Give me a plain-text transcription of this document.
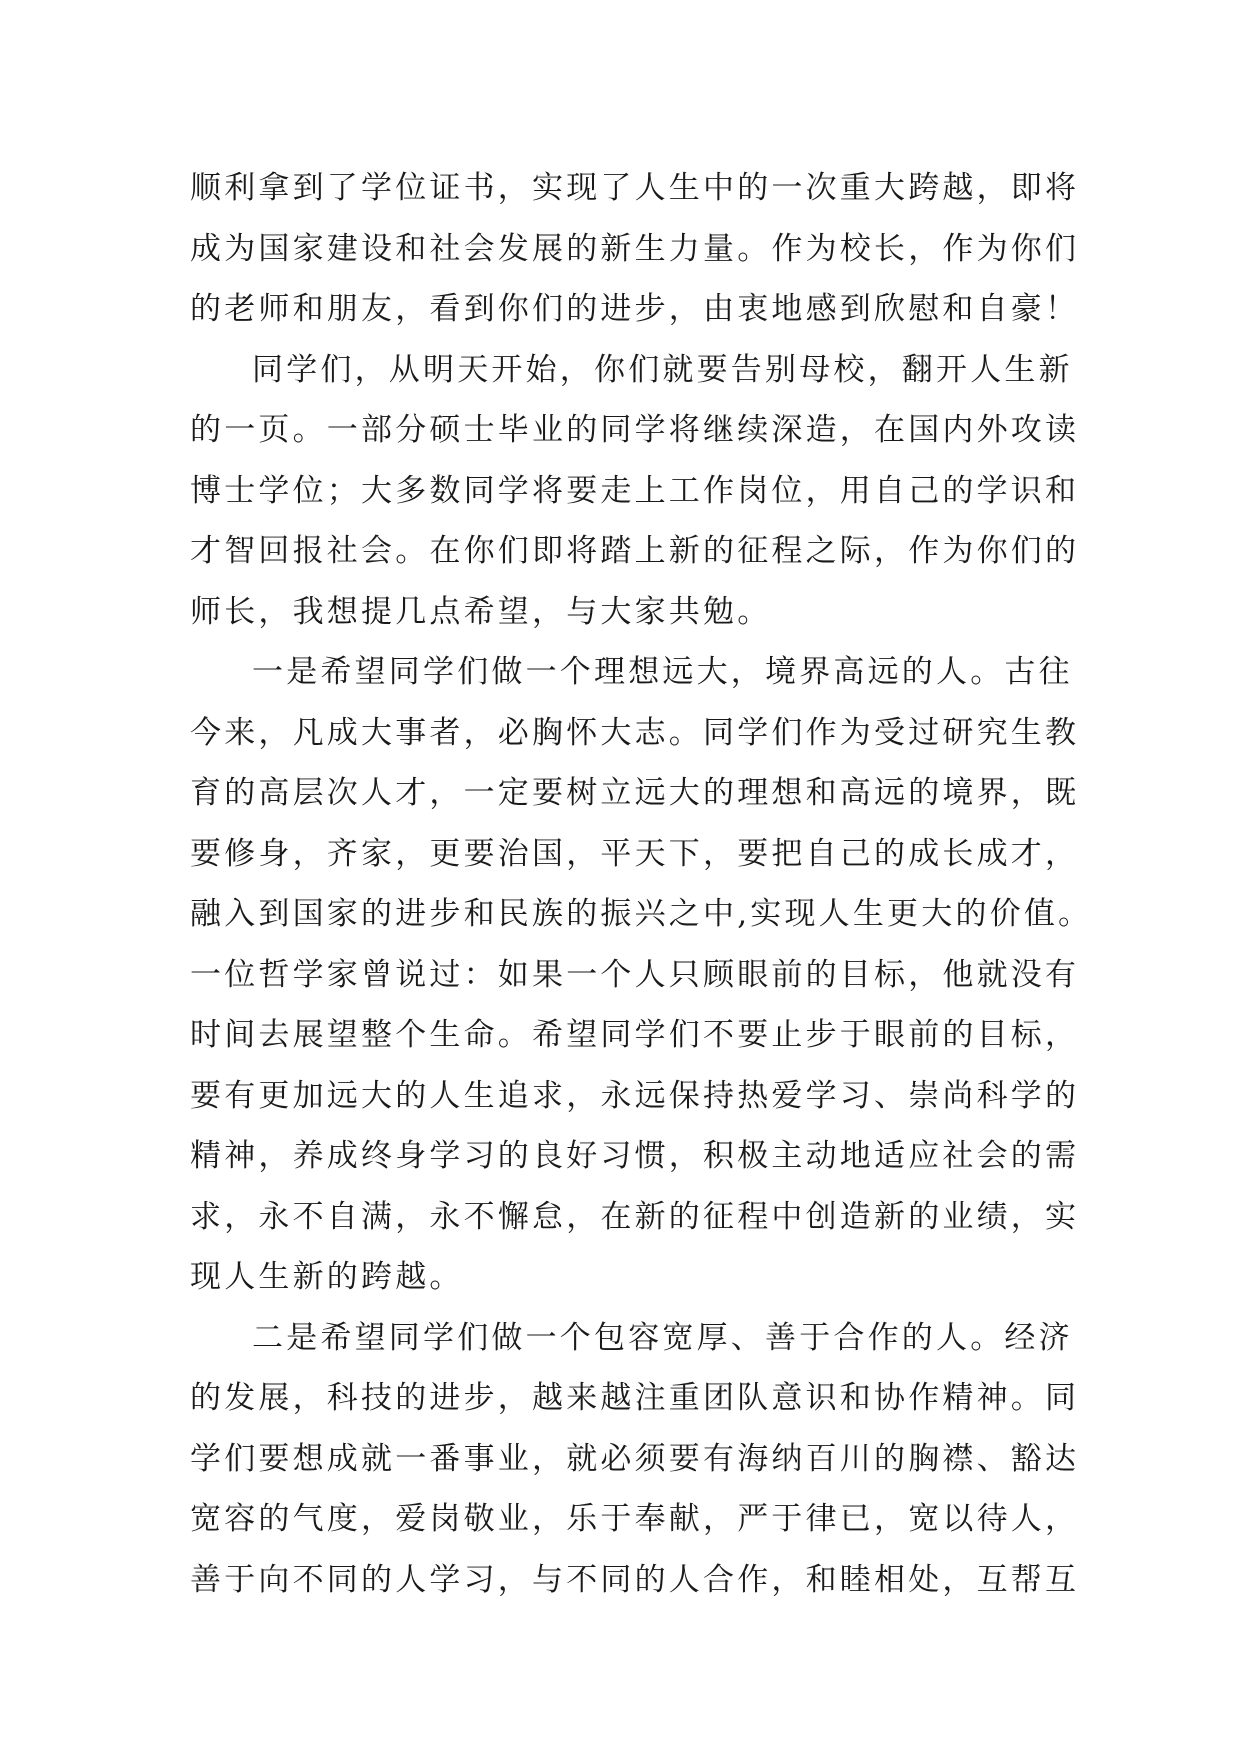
顺利拿到了学位证书，实现了人生中的一次重大跨越，即将
成为国家建设和社会发展的新生力量。作为校长，作为你们
的老师和朋友，看到你们的进步，由衷地感到欣慰和自豪！
同学们，从明天开始，你们就要告别母校，翻开人生新
的一页。一部分硕士毕业的同学将继续深造，在国内外攻读
博士学位；大多数同学将要走上工作岗位，用自己的学识和
才智回报社会。在你们即将踏上新的征程之际，作为你们的
师长，我想提几点希望，与大家共勉。
一是希望同学们做一个理想远大，境界高远的人。古往
今来，凡成大事者，必胸怀大志。同学们作为受过研究生教
育的高层次人才，一定要树立远大的理想和高远的境界，既
要修身，齐家，更要治国，平天下，要把自己的成长成才，
融入到国家的进步和民族的振兴之中,实现人生更大的价值。
一位哲学家曾说过：如果一个人只顾眼前的目标，他就没有
时间去展望整个生命。希望同学们不要止步于眼前的目标，
要有更加远大的人生追求，永远保持热爱学习、崇尚科学的
精神，养成终身学习的良好习惯，积极主动地适应社会的需
求，永不自满，永不懈怠，在新的征程中创造新的业绩，实
现人生新的跨越。
二是希望同学们做一个包容宽厚、善于合作的人。经济
的发展，科技的进步，越来越注重团队意识和协作精神。同
学们要想成就一番事业，就必须要有海纳百川的胸襟、豁达
宽容的气度，爱岗敬业，乐于奉献，严于律已，宽以待人，
善于向不同的人学习，与不同的人合作，和睦相处，互帮互
